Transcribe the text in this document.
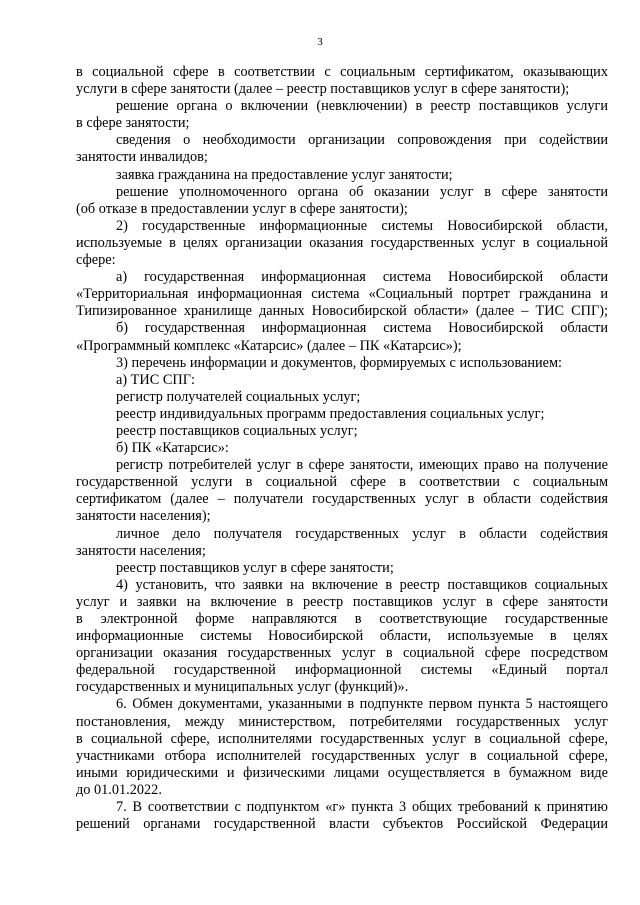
3
в социальной сфере в соответствии с социальным сертификатом, оказывающих
услуги в сфере занятости (далее – реестр поставщиков услуг в сфере занятости);
решение органа о включении (невключении) в реестр поставщиков услуги
в сфере занятости;
сведения о необходимости организации сопровождения при содействии
занятости инвалидов;
заявка гражданина на предоставление услуг занятости;
решение уполномоченного органа об оказании услуг в сфере занятости
(об отказе в предоставлении услуг в сфере занятости);
2) государственные информационные системы Новосибирской области,
используемые в целях организации оказания государственных услуг в социальной
сфере:
а) государственная информационная система Новосибирской области
«Территориальная информационная система «Социальный портрет гражданина и
Типизированное хранилище данных Новосибирской области» (далее – ТИС СПГ);
б) государственная информационная система Новосибирской области
«Программный комплекс «Катарсис» (далее – ПК «Катарсис»);
3) перечень информации и документов, формируемых с использованием:
а) ТИС СПГ:
регистр получателей социальных услуг;
реестр индивидуальных программ предоставления социальных услуг;
реестр поставщиков социальных услуг;
б) ПК «Катарсис»:
регистр потребителей услуг в сфере занятости, имеющих право на получение
государственной услуги в социальной сфере в соответствии с социальным
сертификатом (далее – получатели государственных услуг в области содействия
занятости населения);
личное дело получателя государственных услуг в области содействия
занятости населения;
реестр поставщиков услуг в сфере занятости;
4) установить, что заявки на включение в реестр поставщиков социальных
услуг и заявки на включение в реестр поставщиков услуг в сфере занятости
в электронной форме направляются в соответствующие государственные
информационные системы Новосибирской области, используемые в целях
организации оказания государственных услуг в социальной сфере посредством
федеральной государственной информационной системы «Единый портал
государственных и муниципальных услуг (функций)».
6. Обмен документами, указанными в подпункте первом пункта 5 настоящего
постановления, между министерством, потребителями государственных услуг
в социальной сфере, исполнителями государственных услуг в социальной сфере,
участниками отбора исполнителей государственных услуг в социальной сфере,
иными юридическими и физическими лицами осуществляется в бумажном виде
до 01.01.2022.
7. В соответствии с подпунктом «г» пункта 3 общих требований к принятию
решений органами государственной власти субъектов Российской Федерации
